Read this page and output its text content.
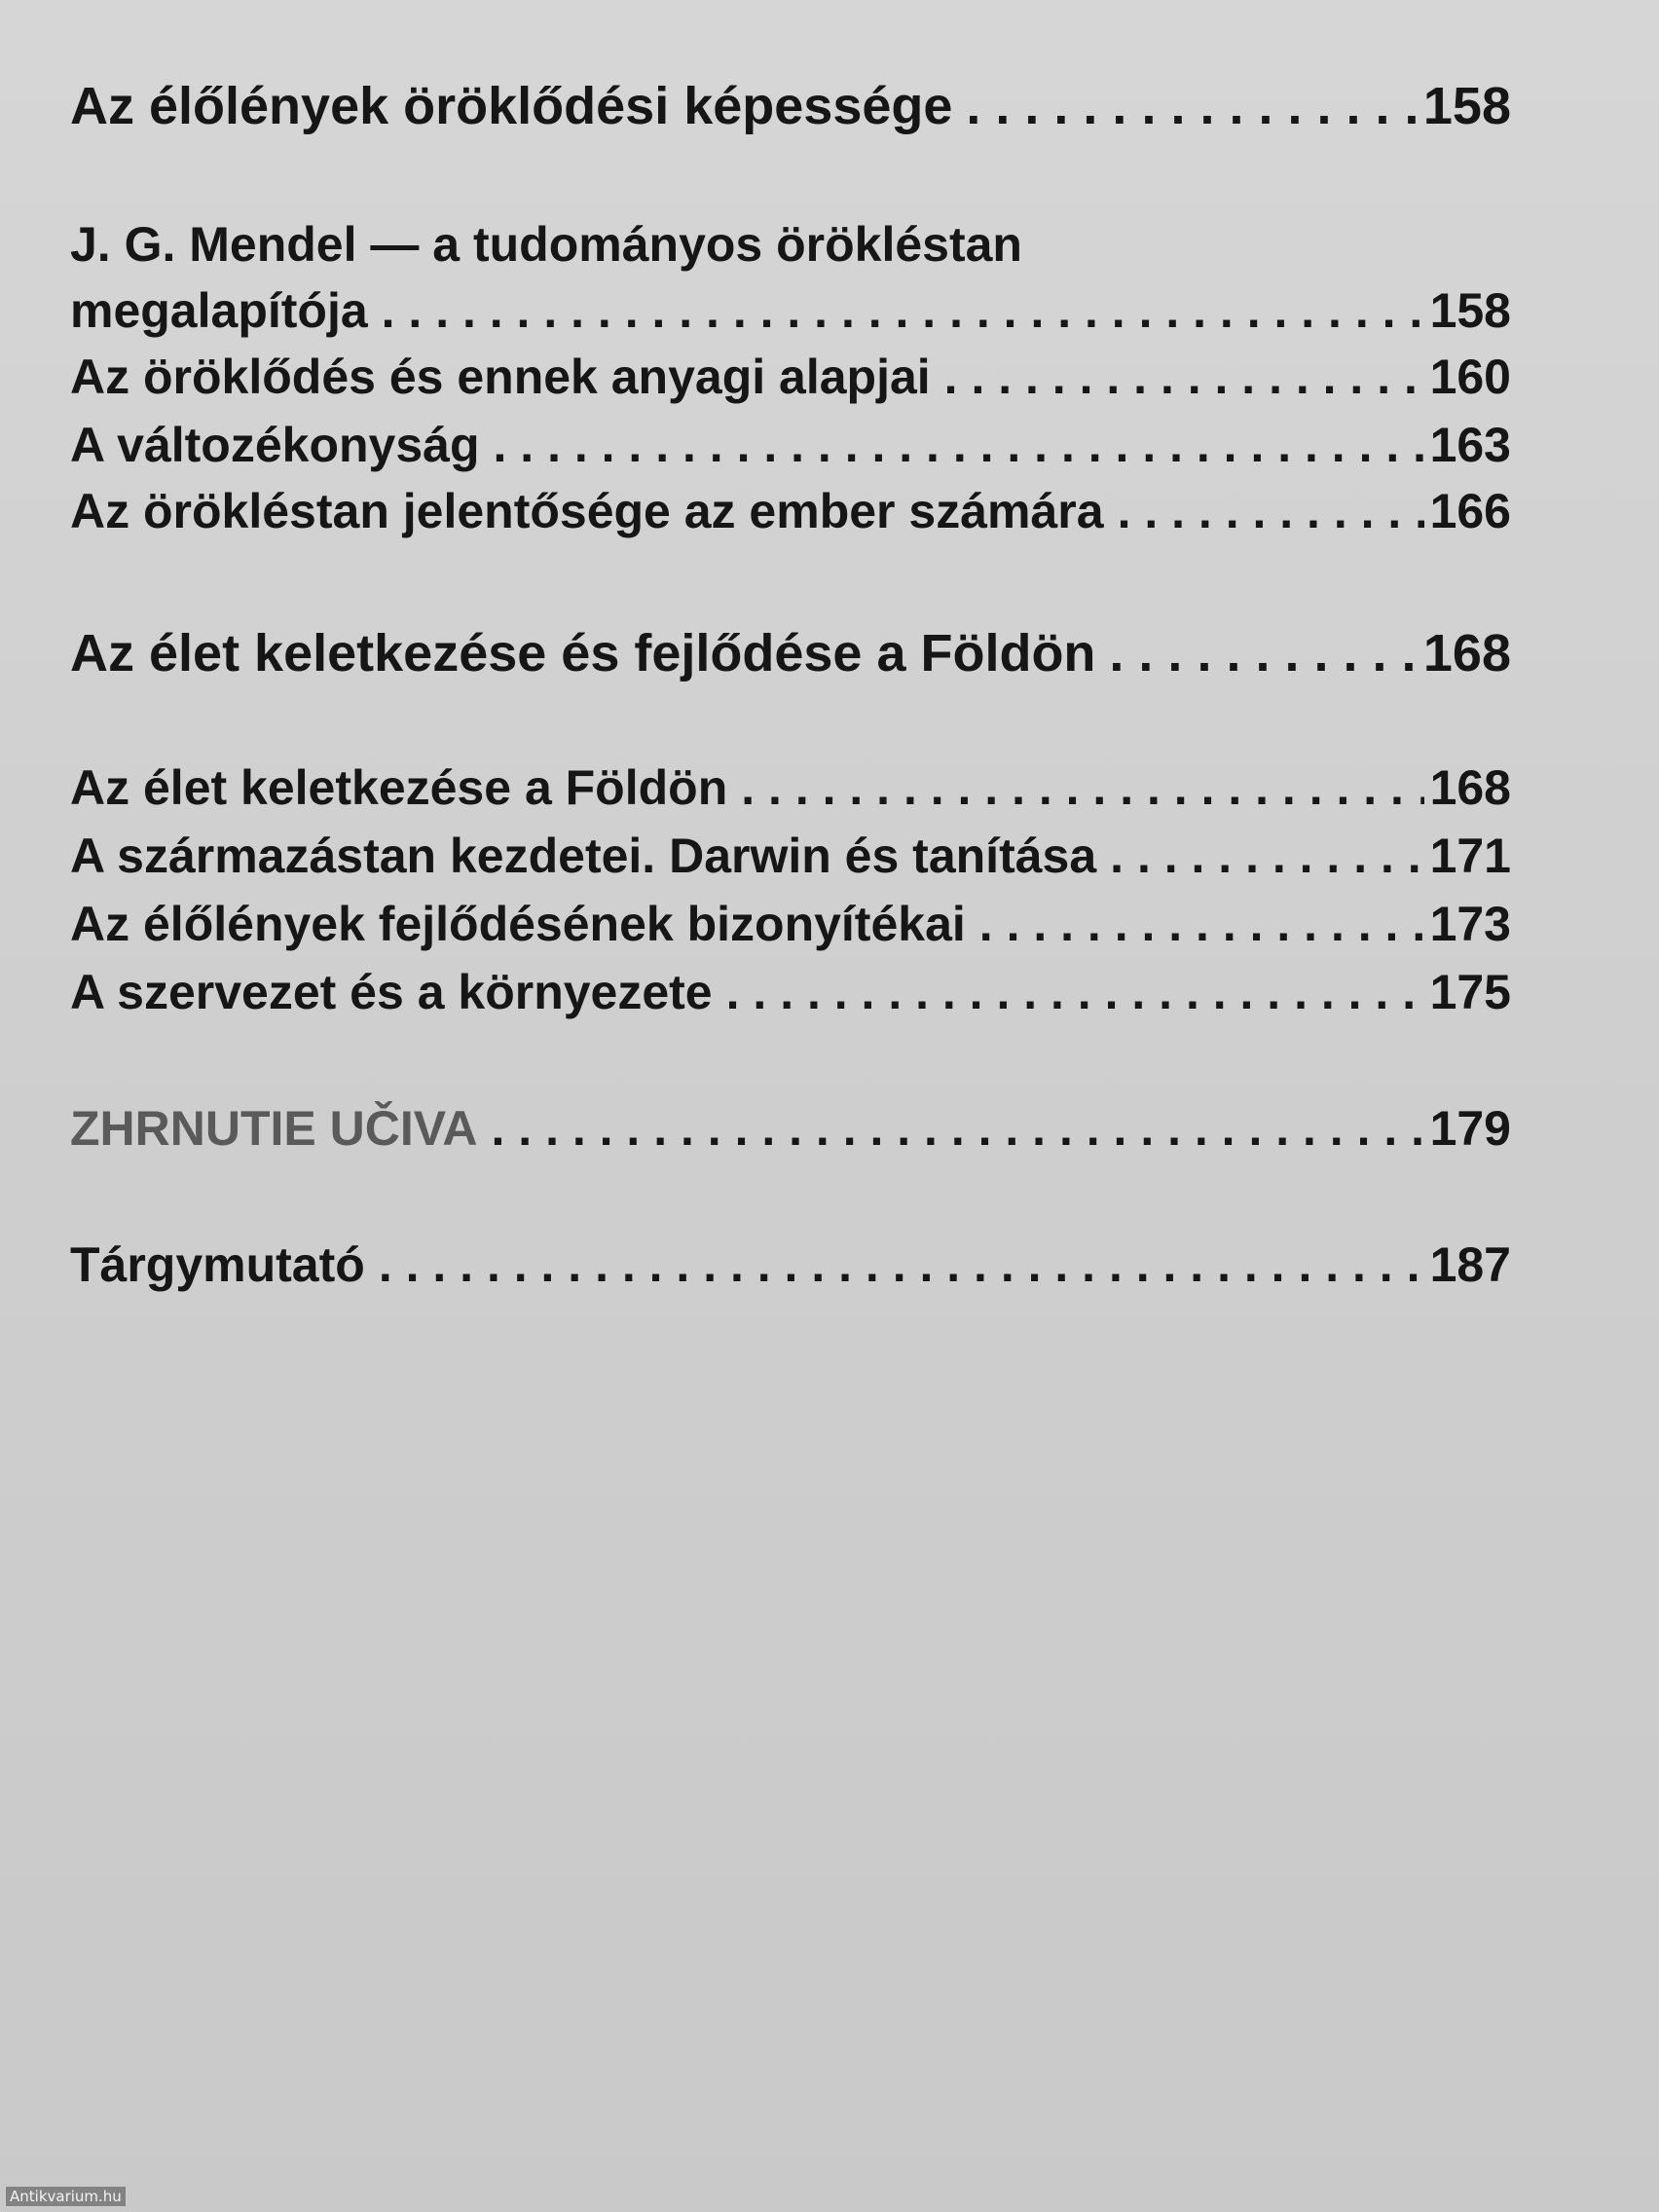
Az élőlények öröklődési képessége . . .	158
J. G. Mendel — a tudományos örökléstan
megalapítója . . .	158
Az öröklődés és ennek anyagi alapjai . . .	160
A változékonyság . . .	163
Az örökléstan jelentősége az ember számára . . .	166
Az élet keletkezése és fejlődése a Földön . . .	168
Az élet keletkezése a Földön . . .	168
A származástan kezdetei. Darwin és tanítása . . .	171
Az élőlények fejlődésének bizonyítékai . . .	173
A szervezet és a környezete . . .	175
ZHRNUTIE UČIVA . . .	179
Tárgymutató . . .	187
Antikvarium.hu
